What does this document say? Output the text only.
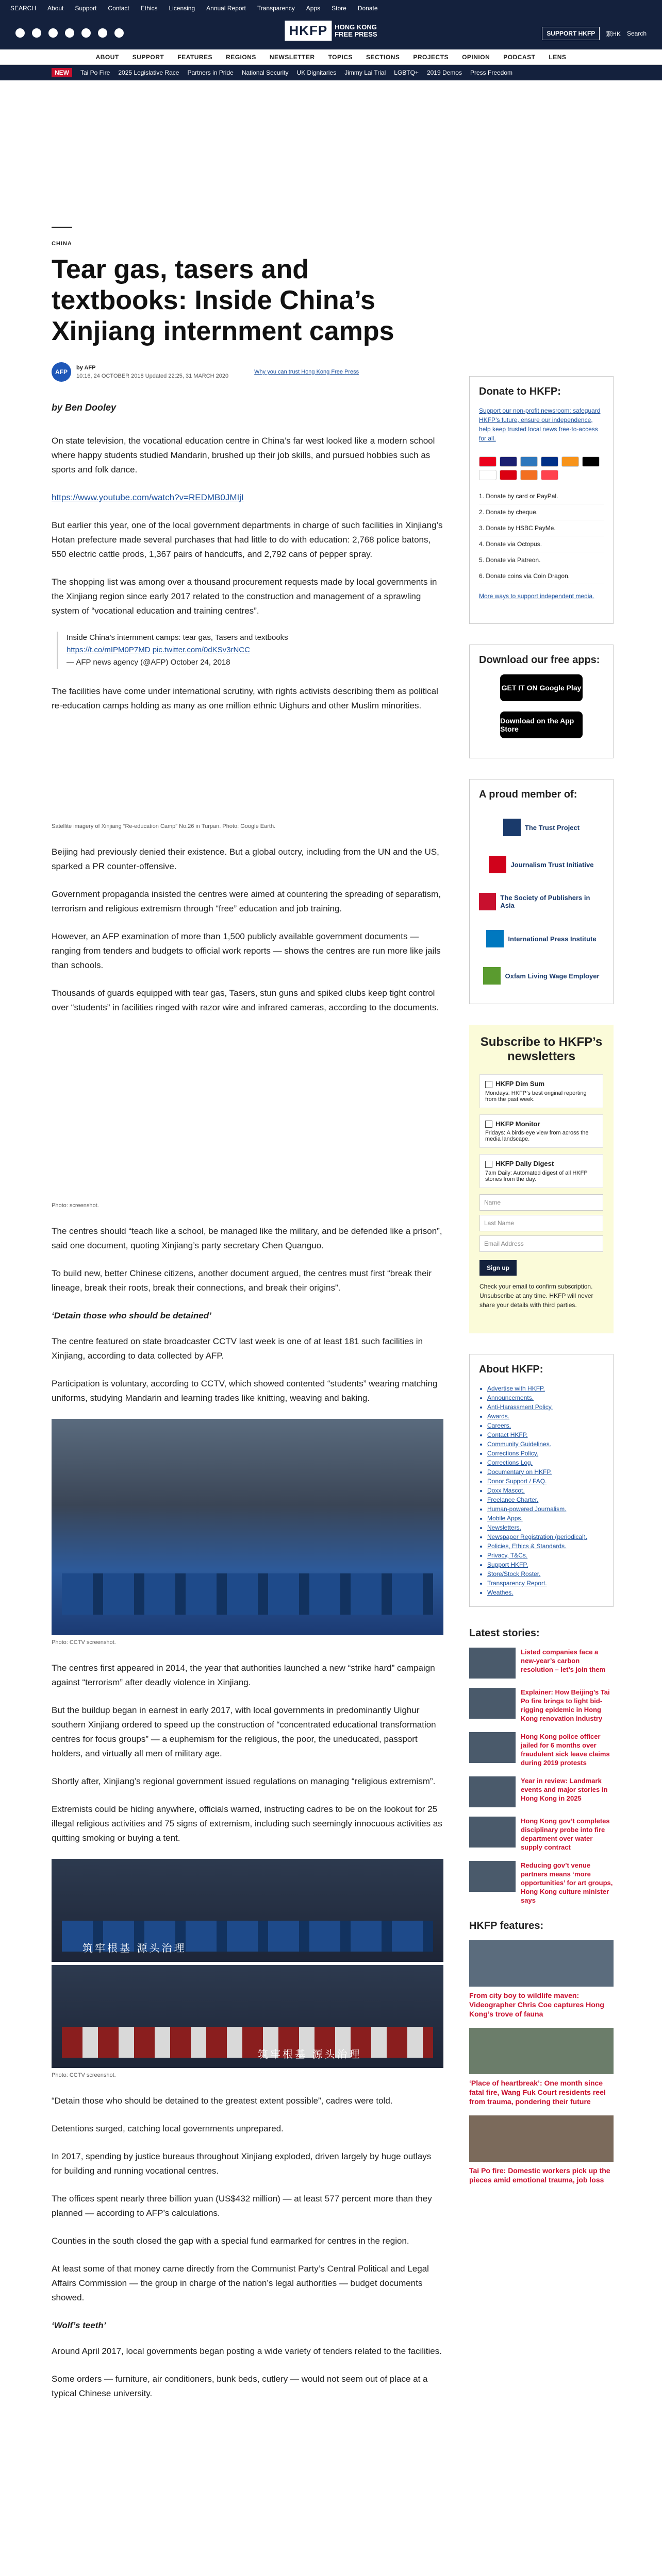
SEARCH About Support Contact Ethics Licensing Annual Report Transparency Apps Store Donate
HKFP	HONG KONG
FREE PRESS	SUPPORT HKFP	繁HK Search
ABOUT SUPPORT FEATURES REGIONS NEWSLETTER TOPICS SECTIONS PROJECTS OPINION PODCAST LENS
NEW	Tai Po Fire 2025 Legislative Race Partners in Pride National Security UK Dignitaries Jimmy Lai Trial LGBTQ+ 2019 Demos Press Freedom
CHINA
Tear gas, tasers and textbooks: Inside China’s Xinjiang internment camps
AFP
by AFP
10:16, 24 OCTOBER 2018 Updated 22:25, 31 MARCH 2020
Why you can trust Hong Kong Free Press
by Ben Dooley

On state television, the vocational education centre in China’s far west looked like a modern school where happy students studied Mandarin, brushed up their job skills, and pursued hobbies such as sports and folk dance.

https://www.youtube.com/watch?v=REDMB0JMIjI

But earlier this year, one of the local government departments in charge of such facilities in Xinjiang’s Hotan prefecture made several purchases that had little to do with education: 2,768 police batons, 550 electric cattle prods, 1,367 pairs of handcuffs, and 2,792 cans of pepper spray.

The shopping list was among over a thousand procurement requests made by local governments in the Xinjiang region since early 2017 related to the construction and management of a sprawling system of “vocational education and training centres”.

Inside China’s internment camps: tear gas, Tasers and textbooks
https://t.co/mIPM0P7MD pic.twitter.com/0dKSv3rNCC
— AFP news agency (@AFP) October 24, 2018

The facilities have come under international scrutiny, with rights activists describing them as political re-education camps holding as many as one million ethnic Uighurs and other Muslim minorities.

Satellite imagery of Xinjiang “Re-education Camp” No.26 in Turpan. Photo: Google Earth.

Beijing had previously denied their existence. But a global outcry, including from the UN and the US, sparked a PR counter-offensive.

Government propaganda insisted the centres were aimed at countering the spreading of separatism, terrorism and religious extremism through “free” education and job training.

However, an AFP examination of more than 1,500 publicly available government documents — ranging from tenders and budgets to official work reports — shows the centres are run more like jails than schools.

Thousands of guards equipped with tear gas, Tasers, stun guns and spiked clubs keep tight control over “students” in facilities ringed with razor wire and infrared cameras, according to the documents.

Photo: screenshot.

The centres should “teach like a school, be managed like the military, and be defended like a prison”, said one document, quoting Xinjiang’s party secretary Chen Quanguo.

To build new, better Chinese citizens, another document argued, the centres must first “break their lineage, break their roots, break their connections, and break their origins”.

‘Detain those who should be detained’

The centre featured on state broadcaster CCTV last week is one of at least 181 such facilities in Xinjiang, according to data collected by AFP.

Participation is voluntary, according to CCTV, which showed contented “students” wearing matching uniforms, studying Mandarin and learning trades like knitting, weaving and baking.

Photo: CCTV screenshot.

The centres first appeared in 2014, the year that authorities launched a new “strike hard” campaign against “terrorism” after deadly violence in Xinjiang.

But the buildup began in earnest in early 2017, with local governments in predominantly Uighur southern Xinjiang ordered to speed up the construction of “concentrated educational transformation centres for focus groups” — a euphemism for the religious, the poor, the uneducated, passport holders, and virtually all men of military age.

Shortly after, Xinjiang’s regional government issued regulations on managing “religious extremism”.

Extremists could be hiding anywhere, officials warned, instructing cadres to be on the lookout for 25 illegal religious activities and 75 signs of extremism, including such seemingly innocuous activities as quitting smoking or buying a tent.

筑牢根基 源头治理
筑牢根基 源头治理
Photo: CCTV screenshot.

“Detain those who should be detained to the greatest extent possible”, cadres were told.

Detentions surged, catching local governments unprepared.

In 2017, spending by justice bureaus throughout Xinjiang exploded, driven largely by huge outlays for building and running vocational centres.

The offices spent nearly three billion yuan (US$432 million) — at least 577 percent more than they planned — according to AFP’s calculations.

Counties in the south closed the gap with a special fund earmarked for centres in the region.

At least some of that money came directly from the Communist Party’s Central Political and Legal Affairs Commission — the group in charge of the nation’s legal authorities — budget documents showed.

‘Wolf’s teeth’

Around April 2017, local governments began posting a wide variety of tenders related to the facilities.

Some orders — furniture, air conditioners, bunk beds, cutlery — would not seem out of place at a typical Chinese university.

Donate to HKFP:

Support our non-profit newsroom: safeguard HKFP’s future, ensure our independence, help keep trusted local news free-to-access for all.

1. Donate by card or PayPal.
2. Donate by cheque.
3. Donate by HSBC PayMe.
4. Donate via Octopus.
5. Donate via Patreon.
6. Donate coins via Coin Dragon.

More ways to support independent media.

Download our free apps:
GET IT ON Google Play
Download on the App Store
A proud member of:
The Trust Project
Journalism Trust Initiative
The Society of Publishers in Asia
International Press Institute
Oxfam Living Wage Employer
Subscribe to HKFP’s newsletters
HKFP Dim Sum
Mondays: HKFP’s best original reporting from the past week.
HKFP Monitor
Fridays: A birds-eye view from across the media landscape.
HKFP Daily Digest
7am Daily: Automated digest of all HKFP stories from the day.
Name
Last Name
Email Address
Sign up

Check your email to confirm subscription. Unsubscribe at any time. HKFP will never share your details with third parties.

About HKFP:
• Advertise with HKFP.
• Announcements.
• Anti-Harassment Policy.
• Awards.
• Careers.
• Contact HKFP.
• Community Guidelines.
• Corrections Policy.
• Corrections Log.
• Documentary on HKFP.
• Donor Support / FAQ.
• Doxx Mascot.
• Freelance Charter.
• Human-powered Journalism.
• Mobile Apps.
• Newsletters.
• Newspaper Registration (periodical).
• Policies, Ethics & Standards.
• Privacy, T&Cs.
• Support HKFP.
• Store/Stock Roster.
• Transparency Report.
• Weathes.
Latest stories:
Listed companies face a new-year’s carbon resolution – let’s join them
Explainer: How Beijing’s Tai Po fire brings to light bid-rigging epidemic in Hong Kong renovation industry
Hong Kong police officer jailed for 6 months over fraudulent sick leave claims during 2019 protests
Year in review: Landmark events and major stories in Hong Kong in 2025
Hong Kong gov’t completes disciplinary probe into fire department over water supply contract
Reducing gov’t venue partners means ‘more opportunities’ for art groups, Hong Kong culture minister says
HKFP features:
From city boy to wildlife maven: Videographer Chris Coe captures Hong Kong’s trove of fauna
‘Place of heartbreak’: One month since fatal fire, Wang Fuk Court residents reel from trauma, pondering their future
Tai Po fire: Domestic workers pick up the pieces amid emotional trauma, job loss
